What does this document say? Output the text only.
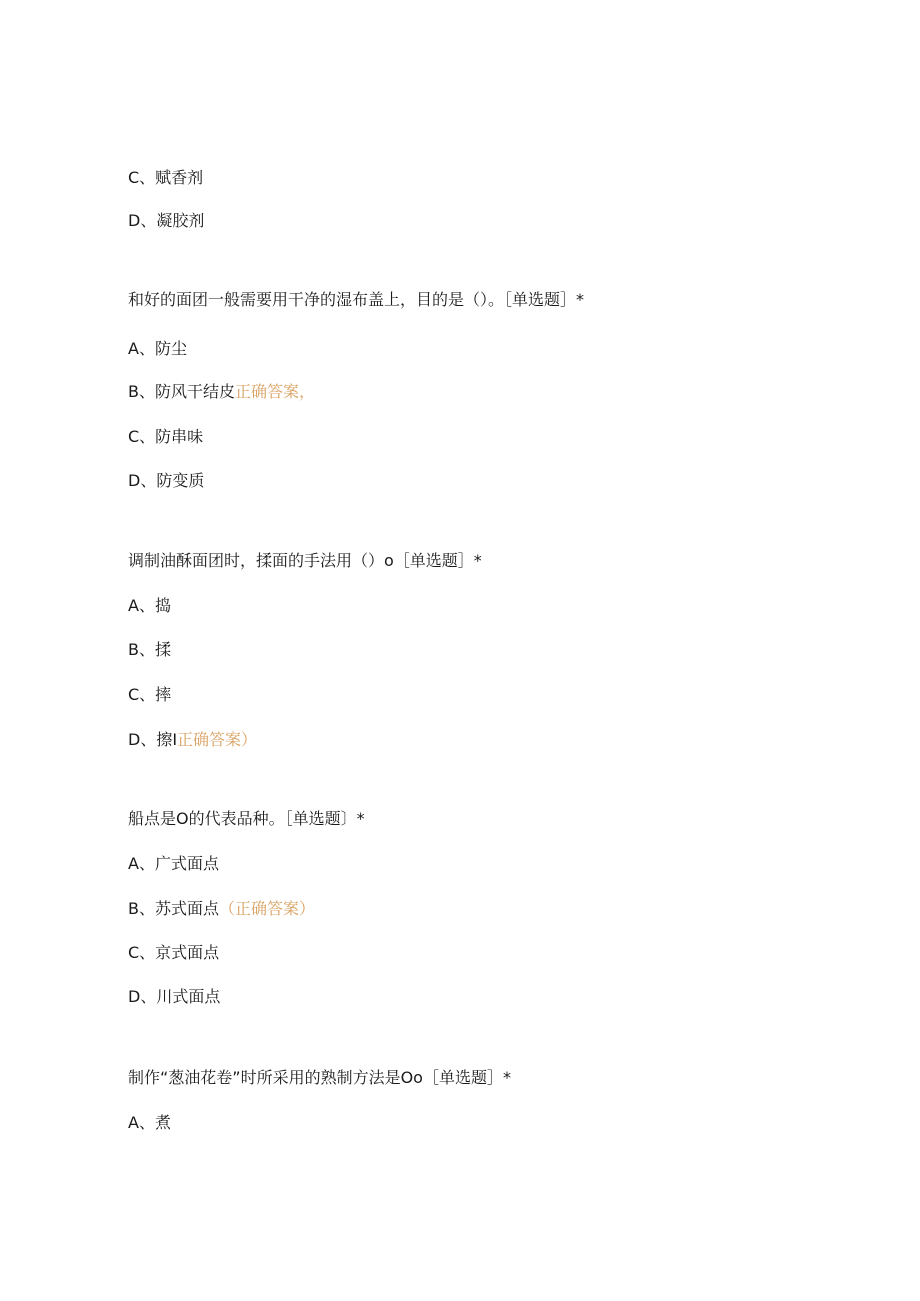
C、赋香剂
D、凝胶剂
和好的面团一般需要用干净的湿布盖上，目的是（）。［单选题］*
A、防尘
B、防风干结皮正确答案，
C、防串味
D、防变质
调制油酥面团时，揉面的手法用（）o［单选题］*
A、捣
B、揉
C、摔
D、擦I正确答案）
船点是O的代表品种。［单选题〕*
A、广式面点
B、苏式面点（正确答案）
C、京式面点
D、川式面点
制作“葱油花卷”时所采用的熟制方法是Oo［单选题］*
A、煮
